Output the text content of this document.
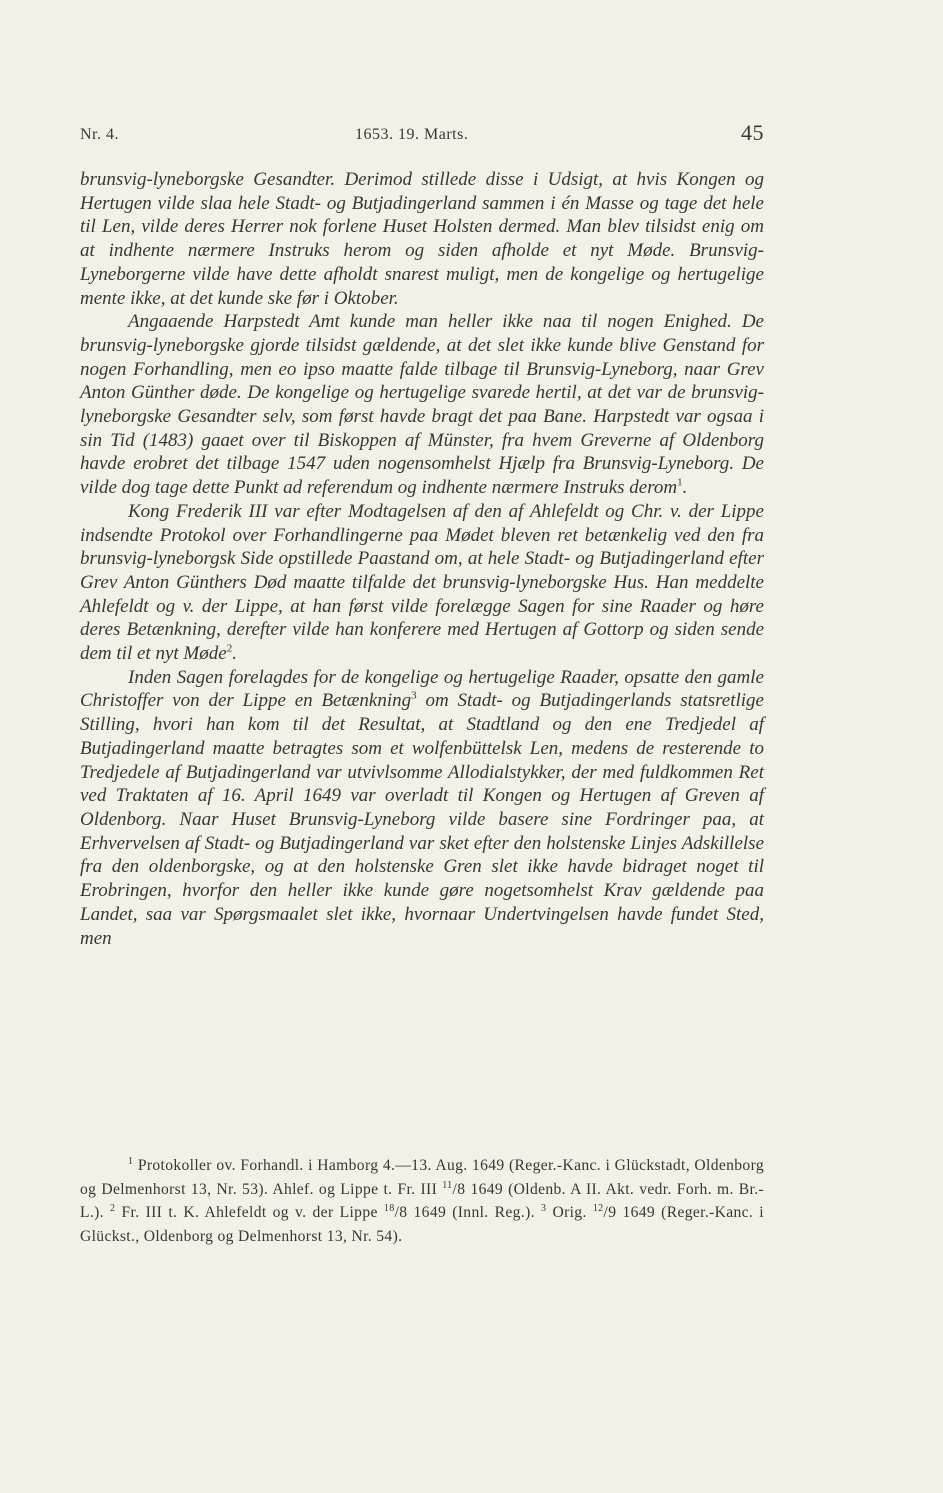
Nr. 4.	1653. 19. Marts.	45

brunsvig-lyneborgske Gesandter. Derimod stillede disse i Udsigt, at hvis Kongen og Hertugen vilde slaa hele Stadt- og Butjadingerland sammen i én Masse og tage det hele til Len, vilde deres Herrer nok forlene Huset Holsten dermed. Man blev tilsidst enig om at indhente nærmere Instruks herom og siden afholde et nyt Møde. Brunsvig-Lyneborgerne vilde have dette afholdt snarest muligt, men de kongelige og hertugelige mente ikke, at det kunde ske før i Oktober.

Angaaende Harpstedt Amt kunde man heller ikke naa til nogen Enighed. De brunsvig-lyneborgske gjorde tilsidst gældende, at det slet ikke kunde blive Genstand for nogen Forhandling, men eo ipso maatte falde tilbage til Brunsvig-Lyneborg, naar Grev Anton Günther døde. De kongelige og hertugelige svarede hertil, at det var de brunsvig-lyneborgske Gesandter selv, som først havde bragt det paa Bane. Harpstedt var ogsaa i sin Tid (1483) gaaet over til Biskoppen af Münster, fra hvem Greverne af Oldenborg havde erobret det tilbage 1547 uden nogensomhelst Hjælp fra Brunsvig-Lyneborg. De vilde dog tage dette Punkt ad referendum og indhente nærmere Instruks derom$^1$.

Kong Frederik III var efter Modtagelsen af den af Ahlefeldt og Chr. v. der Lippe indsendte Protokol over Forhandlingerne paa Mødet bleven ret betænkelig ved den fra brunsvig-lyneborgsk Side opstillede Paastand om, at hele Stadt- og Butjadingerland efter Grev Anton Günthers Død maatte tilfalde det brunsvig-lyneborgske Hus. Han meddelte Ahlefeldt og v. der Lippe, at han først vilde forelægge Sagen for sine Raader og høre deres Betænkning, derefter vilde han konferere med Hertugen af Gottorp og siden sende dem til et nyt Møde$^2$.

Inden Sagen forelagdes for de kongelige og hertugelige Raader, opsatte den gamle Christoffer von der Lippe en Betænkning$^3$ om Stadt- og Butjadingerlands statsretlige Stilling, hvori han kom til det Resultat, at Stadtland og den ene Tredjedel af Butjadingerland maatte betragtes som et wolfenbüttelsk Len, medens de resterende to Tredjedele af Butjadingerland var utvivlsomme Allodialstykker, der med fuldkommen Ret ved Traktaten af 16. April 1649 var overladt til Kongen og Hertugen af Greven af Oldenborg. Naar Huset Brunsvig-Lyneborg vilde basere sine Fordringer paa, at Erhvervelsen af Stadt- og Butjadingerland var sket efter den holstenske Linjes Adskillelse fra den oldenborgske, og at den holstenske Gren slet ikke havde bidraget noget til Erobringen, hvorfor den heller ikke kunde gøre nogetsomhelst Krav gældende paa Landet, saa var Spørgsmaalet slet ikke, hvornaar Undertvingelsen havde fundet Sted, men

$^1$ Protokoller ov. Forhandl. i Hamborg 4.—13. Aug. 1649 (Reger.-Kanc. i Glückstadt, Oldenborg og Delmenhorst 13, Nr. 53). Ahlef. og Lippe t. Fr. III $^{11}$/8 1649 (Oldenb. A II. Akt. vedr. Forh. m. Br.-L.). $^2$ Fr. III t. K. Ahlefeldt og v. der Lippe $^{18}$/8 1649 (Innl. Reg.). $^3$ Orig. $^{12}$/9 1649 (Reger.-Kanc. i Glückst., Oldenborg og Delmenhorst 13, Nr. 54).
